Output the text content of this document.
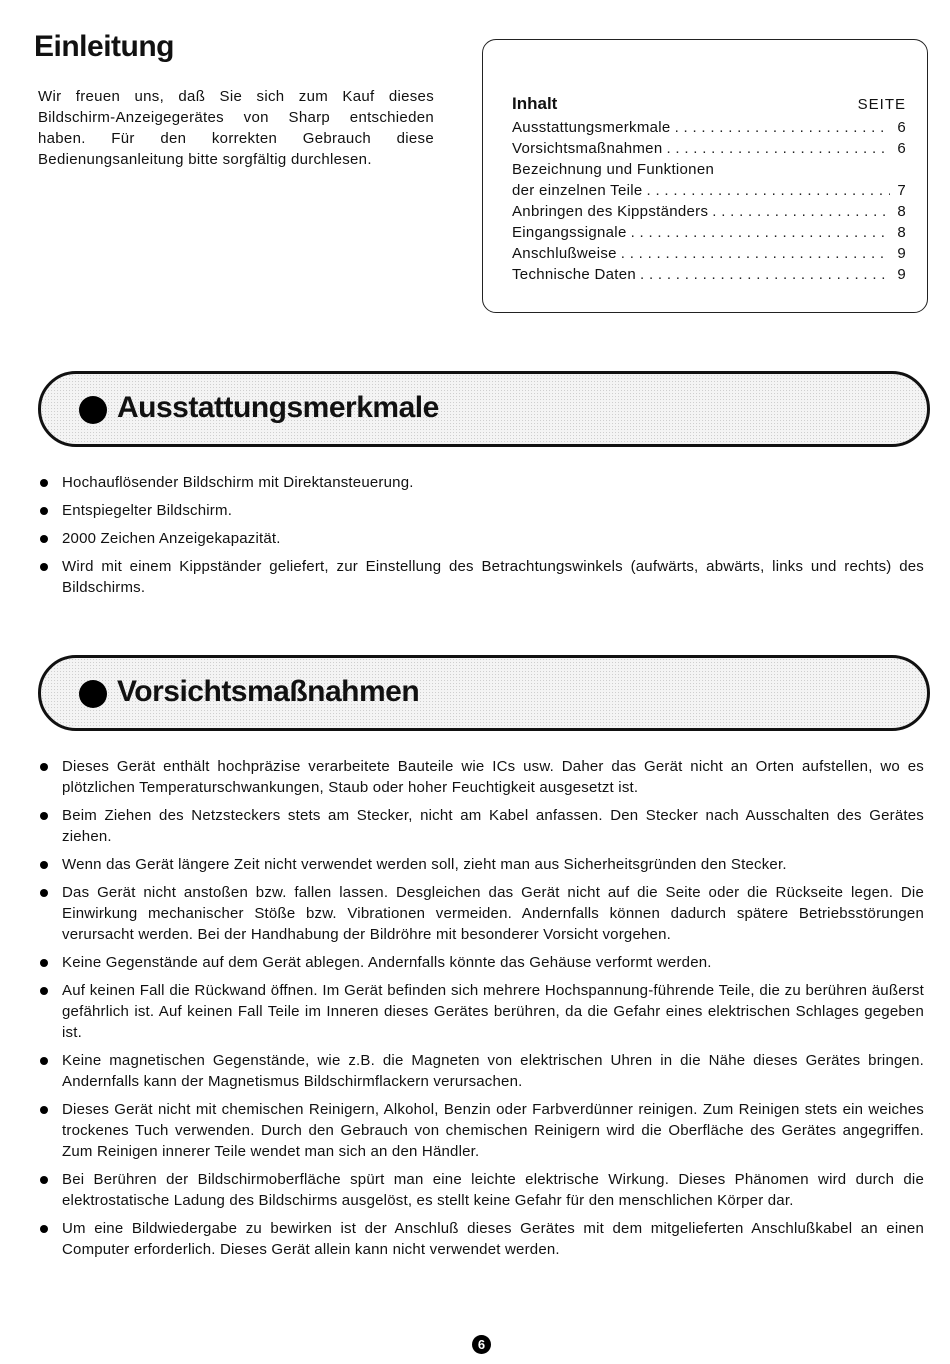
Einleitung

Wir freuen uns, daß Sie sich zum Kauf dieses Bildschirm-Anzeigegerätes von Sharp entschieden haben. Für den korrekten Gebrauch diese Bedienungsanleitung bitte sorgfältig durchlesen.

Inhalt	SEITE
Ausstattungsmerkmale . . .	6
Vorsichtsmaßnahmen . . .	6
Bezeichnung und Funktionen
der einzelnen Teile . . .	7
Anbringen des Kippständers . . .	8
Eingangssignale . . .	8
Anschlußweise . . .	9
Technische Daten . . .	9
Ausstattungsmerkmale
Hochauflösender Bildschirm mit Direktansteuerung.
Entspiegelter Bildschirm.
2000 Zeichen Anzeigekapazität.
Wird mit einem Kippständer geliefert, zur Einstellung des Betrachtungswinkels (aufwärts, abwärts, links und rechts) des Bildschirms.
Vorsichtsmaßnahmen
Dieses Gerät enthält hochpräzise verarbeitete Bauteile wie ICs usw. Daher das Gerät nicht an Orten aufstellen, wo es plötzlichen Temperaturschwankungen, Staub oder hoher Feuchtigkeit ausgesetzt ist.
Beim Ziehen des Netzsteckers stets am Stecker, nicht am Kabel anfassen. Den Stecker nach Ausschalten des Gerätes ziehen.
Wenn das Gerät längere Zeit nicht verwendet werden soll, zieht man aus Sicherheitsgründen den Stecker.
Das Gerät nicht anstoßen bzw. fallen lassen. Desgleichen das Gerät nicht auf die Seite oder die Rückseite legen. Die Einwirkung mechanischer Stöße bzw. Vibrationen vermeiden. Andernfalls können dadurch spätere Betriebsstörungen verursacht werden. Bei der Handhabung der Bildröhre mit besonderer Vorsicht vorgehen.
Keine Gegenstände auf dem Gerät ablegen. Andernfalls könnte das Gehäuse verformt werden.
Auf keinen Fall die Rückwand öffnen. Im Gerät befinden sich mehrere Hochspannung-führende Teile, die zu berühren äußerst gefährlich ist. Auf keinen Fall Teile im Inneren dieses Gerätes berühren, da die Gefahr eines elektrischen Schlages gegeben ist.
Keine magnetischen Gegenstände, wie z.B. die Magneten von elektrischen Uhren in die Nähe dieses Gerätes bringen. Andernfalls kann der Magnetismus Bildschirmflackern verursachen.
Dieses Gerät nicht mit chemischen Reinigern, Alkohol, Benzin oder Farbverdünner reinigen. Zum Reinigen stets ein weiches trockenes Tuch verwenden. Durch den Gebrauch von chemischen Reinigern wird die Oberfläche des Gerätes angegriffen. Zum Reinigen innerer Teile wendet man sich an den Händler.
Bei Berühren der Bildschirmoberfläche spürt man eine leichte elektrische Wirkung. Dieses Phänomen wird durch die elektrostatische Ladung des Bildschirms ausgelöst, es stellt keine Gefahr für den menschlichen Körper dar.
Um eine Bildwiedergabe zu bewirken ist der Anschluß dieses Gerätes mit dem mitgelieferten Anschlußkabel an einen Computer erforderlich. Dieses Gerät allein kann nicht verwendet werden.
6
